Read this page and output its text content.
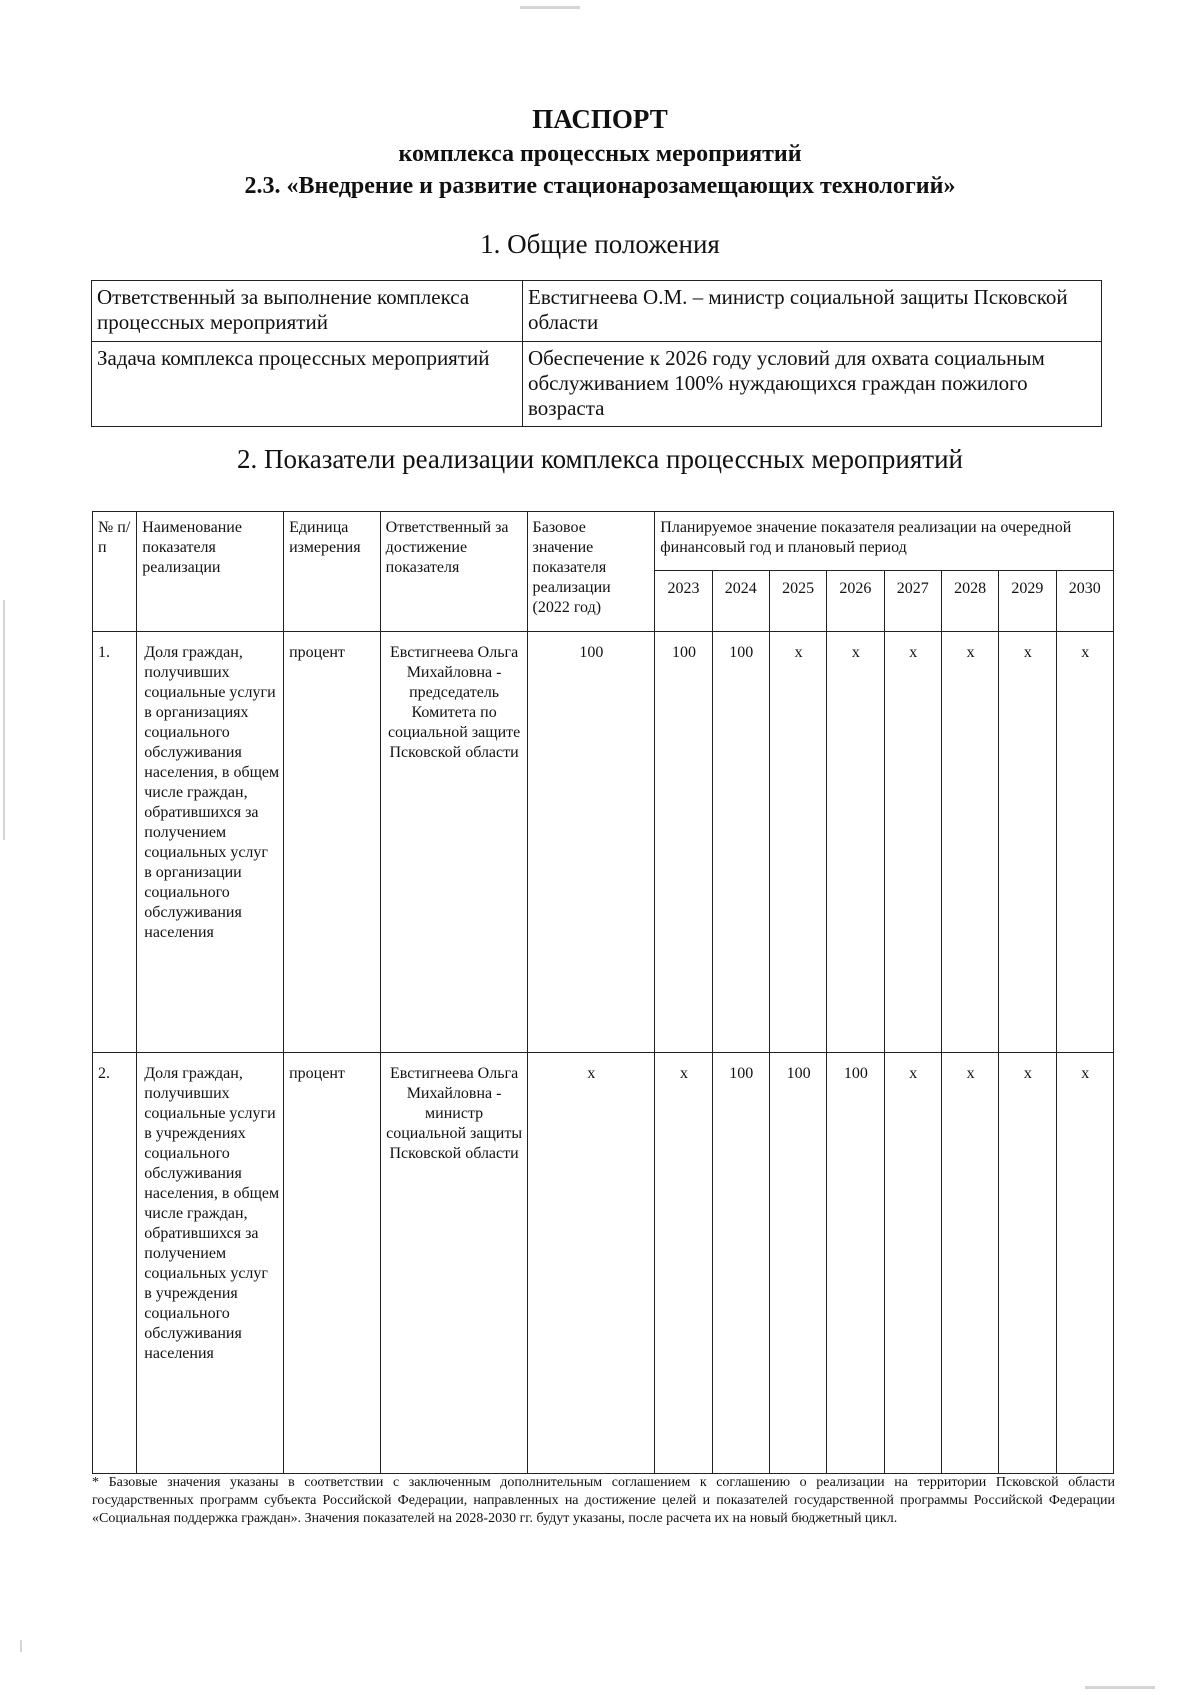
ПАСПОРТ
комплекса процессных мероприятий
2.3. «Внедрение и развитие стационарозамещающих технологий»
1. Общие положения
Ответственный за выполнение комплекса процессных мероприятий	Евстигнеева О.М. – министр социальной защиты Псковской области
Задача комплекса процессных мероприятий	Обеспечение к 2026 году условий для охвата социальным обслуживанием 100% нуждающихся граждан пожилого возраста
2. Показатели реализации комплекса процессных мероприятий
№ п/п	Наименование показателя реализации	Единица измерения	Ответственный за достижение показателя	Базовое значение показателя реализации (2022 год)	Планируемое значение показателя реализации на очередной финансовый год и плановый период							
					2023	2024	2025	2026	2027	2028	2029	2030
1.	Доля граждан, получивших социальные услуги в организациях социального обслуживания населения, в общем числе граждан, обратившихся за получением социальных услуг в организации социального обслуживания населения	процент	Евстигнеева Ольга Михайловна - председатель Комитета по социальной защите Псковской области	100	100	100	x	x	x	x	x	x
2.	Доля граждан, получивших социальные услуги в учреждениях социального обслуживания населения, в общем числе граждан, обратившихся за получением социальных услуг в учреждения социального обслуживания населения	процент	Евстигнеева Ольга Михайловна - министр социальной защиты Псковской области	x	x	100	100	100	x	x	x	x
* Базовые значения указаны в соответствии с заключенным дополнительным соглашением к соглашению о реализации на территории Псковской области государственных программ субъекта Российской Федерации, направленных на достижение целей и показателей государственной программы Российской Федерации «Социальная поддержка граждан». Значения показателей на 2028-2030 гг. будут указаны, после расчета их на новый бюджетный цикл.
